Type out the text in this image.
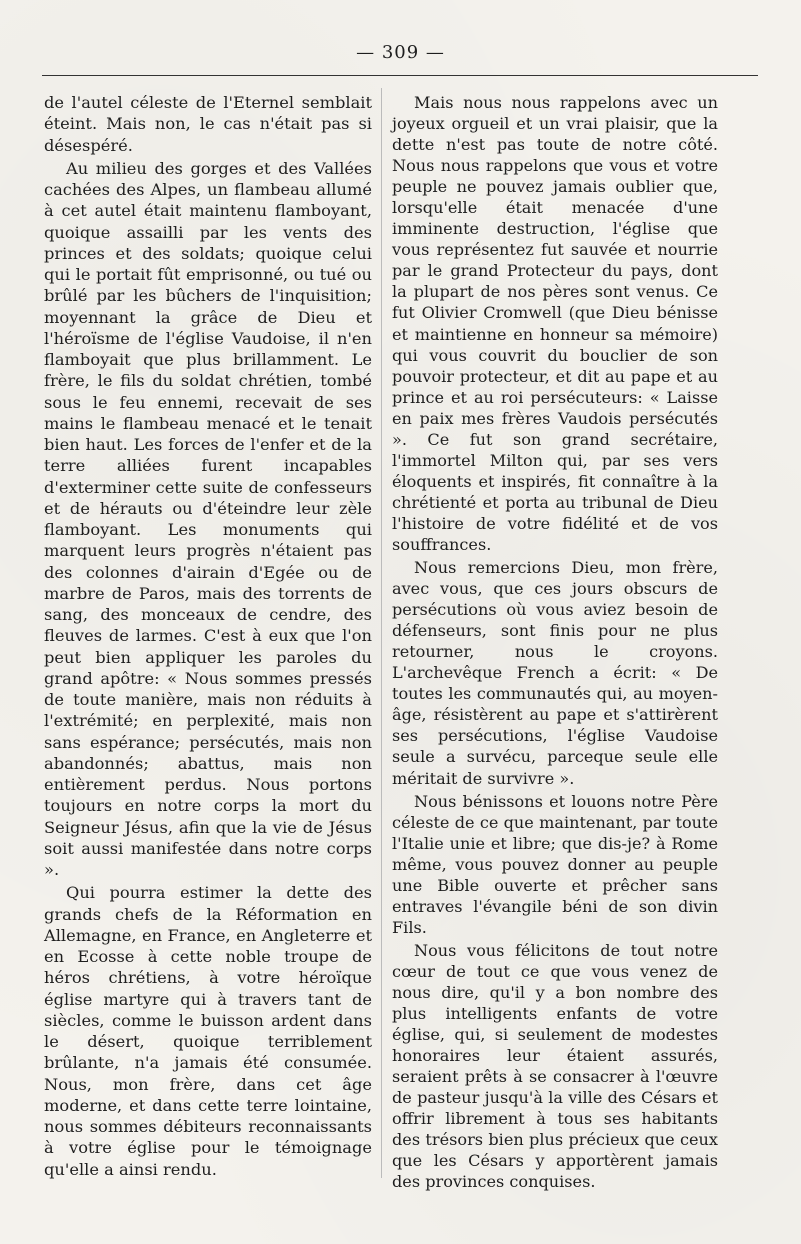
— 309 —

de l'autel céleste de l'Eternel semblait éteint. Mais non, le cas n'était pas si désespéré.

Au milieu des gorges et des Vallées cachées des Alpes, un flambeau allumé à cet autel était maintenu flamboyant, quoique assailli par les vents des princes et des soldats; quoique celui qui le portait fût emprisonné, ou tué ou brûlé par les bûchers de l'inquisition; moyennant la grâce de Dieu et l'héroïsme de l'église Vaudoise, il n'en flamboyait que plus brillamment. Le frère, le fils du soldat chrétien, tombé sous le feu ennemi, recevait de ses mains le flambeau menacé et le tenait bien haut. Les forces de l'enfer et de la terre alliées furent incapables d'exterminer cette suite de confesseurs et de hérauts ou d'éteindre leur zèle flamboyant. Les monuments qui marquent leurs progrès n'étaient pas des colonnes d'airain d'Egée ou de marbre de Paros, mais des torrents de sang, des monceaux de cendre, des fleuves de larmes. C'est à eux que l'on peut bien appliquer les paroles du grand apôtre: « Nous sommes pressés de toute manière, mais non réduits à l'extrémité; en perplexité, mais non sans espérance; persécutés, mais non abandonnés; abattus, mais non entièrement perdus. Nous portons toujours en notre corps la mort du Seigneur Jésus, afin que la vie de Jésus soit aussi manifestée dans notre corps ».

Qui pourra estimer la dette des grands chefs de la Réformation en Allemagne, en France, en Angleterre et en Ecosse à cette noble troupe de héros chrétiens, à votre héroïque église martyre qui à travers tant de siècles, comme le buisson ardent dans le désert, quoique terriblement brûlante, n'a jamais été consumée. Nous, mon frère, dans cet âge moderne, et dans cette terre lointaine, nous sommes débiteurs reconnaissants à votre église pour le témoignage qu'elle a ainsi rendu.

Mais nous nous rappelons avec un joyeux orgueil et un vrai plaisir, que la dette n'est pas toute de notre côté. Nous nous rappelons que vous et votre peuple ne pouvez jamais oublier que, lorsqu'elle était menacée d'une imminente destruction, l'église que vous représentez fut sauvée et nourrie par le grand Protecteur du pays, dont la plupart de nos pères sont venus. Ce fut Olivier Cromwell (que Dieu bénisse et maintienne en honneur sa mémoire) qui vous couvrit du bouclier de son pouvoir protecteur, et dit au pape et au prince et au roi persécuteurs: « Laisse en paix mes frères Vaudois persécutés ». Ce fut son grand secrétaire, l'immortel Milton qui, par ses vers éloquents et inspirés, fit connaître à la chrétienté et porta au tribunal de Dieu l'histoire de votre fidélité et de vos souffrances.

Nous remercions Dieu, mon frère, avec vous, que ces jours obscurs de persécutions où vous aviez besoin de défenseurs, sont finis pour ne plus retourner, nous le croyons. L'archevêque French a écrit: « De toutes les communautés qui, au moyen-âge, résistèrent au pape et s'attirèrent ses persécutions, l'église Vaudoise seule a survécu, parceque seule elle méritait de survivre ».

Nous bénissons et louons notre Père céleste de ce que maintenant, par toute l'Italie unie et libre; que dis-je? à Rome même, vous pouvez donner au peuple une Bible ouverte et prêcher sans entraves l'évangile béni de son divin Fils.

Nous vous félicitons de tout notre cœur de tout ce que vous venez de nous dire, qu'il y a bon nombre des plus intelligents enfants de votre église, qui, si seulement de modestes honoraires leur étaient assurés, seraient prêts à se consacrer à l'œuvre de pasteur jusqu'à la ville des Césars et offrir librement à tous ses habitants des trésors bien plus précieux que ceux que les Césars y apportèrent jamais des provinces conquises.
